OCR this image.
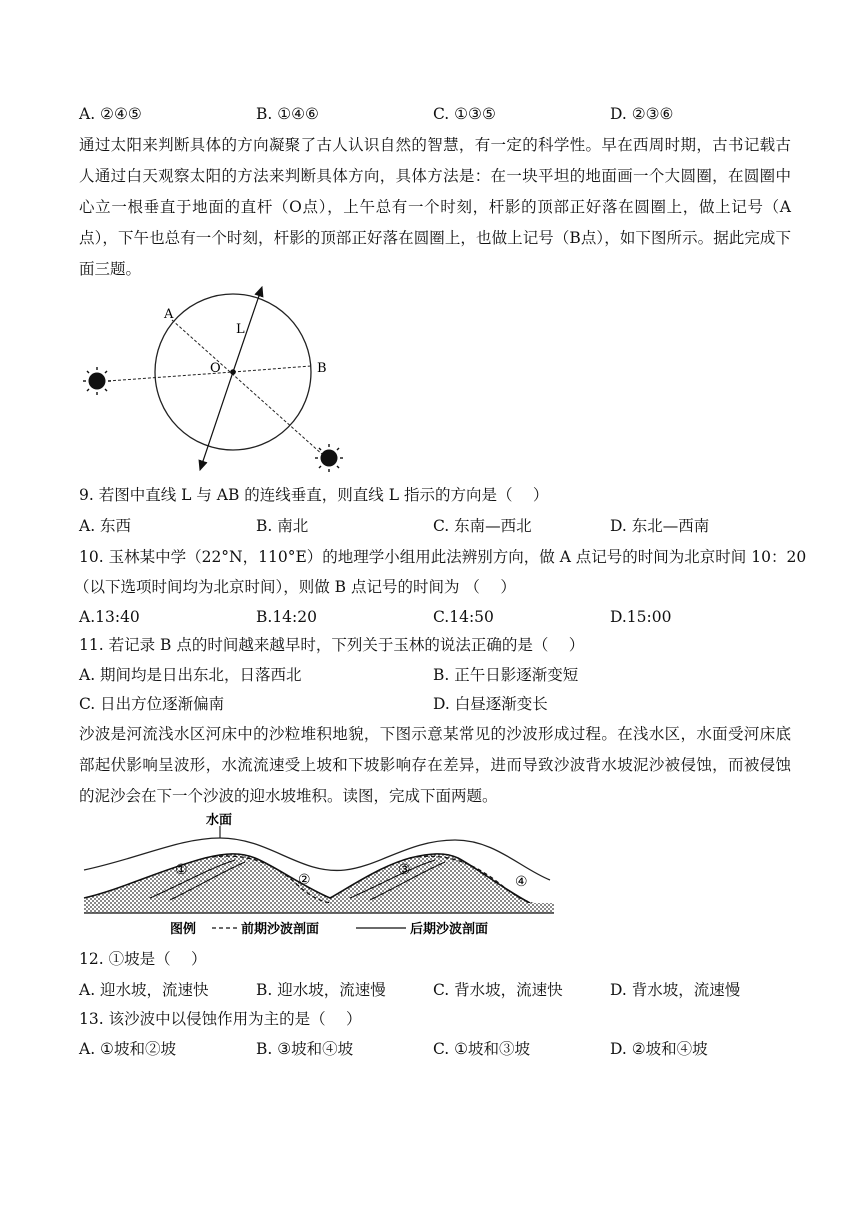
A. ②④⑤	B. ①④⑥	C. ①③⑤	D. ②③⑥
通过太阳来判断具体的方向凝聚了古人认识自然的智慧，有一定的科学性。早在西周时期，古书记载古人通过白天观察太阳的方法来判断具体方向，具体方法是：在一块平坦的地面画一个大圆圈，在圆圈中心立一根垂直于地面的直杆（O点），上午总有一个时刻，杆影的顶部正好落在圆圈上，做上记号（A点），下午也总有一个时刻，杆影的顶部正好落在圆圈上，也做上记号（B点），如下图所示。据此完成下面三题。
A
B
O
L
9. 若图中直线 L 与 AB 的连线垂直，则直线 L 指示的方向是（　 ）
A. 东西	B. 南北	C. 东南—西北	D. 东北—西南
10. 玉林某中学（22°N，110°E）的地理学小组用此法辨别方向，做 A 点记号的时间为北京时间 10：20
（以下选项时间均为北京时间），则做 B 点记号的时间为 （　 ）
A.13:40	B.14:20	C.14:50	D.15:00
11. 若记录 B 点的时间越来越早时，下列关于玉林的说法正确的是（　 ）
A. 期间均是日出东北，日落西北	B. 正午日影逐渐变短
C. 日出方位逐渐偏南	D. 白昼逐渐变长
沙波是河流浅水区河床中的沙粒堆积地貌，下图示意某常见的沙波形成过程。在浅水区，水面受河床底部起伏影响呈波形，水流流速受上坡和下坡影响存在差异，进而导致沙波背水坡泥沙被侵蚀，而被侵蚀的泥沙会在下一个沙波的迎水坡堆积。读图，完成下面两题。
水面
①
②
③
④
图例	前期沙波剖面	后期沙波剖面
12. ①坡是（　 ）
A. 迎水坡，流速快	B. 迎水坡，流速慢	C. 背水坡，流速快	D. 背水坡，流速慢
13. 该沙波中以侵蚀作用为主的是（　 ）
A. ①坡和②坡	B. ③坡和④坡	C. ①坡和③坡	D. ②坡和④坡
